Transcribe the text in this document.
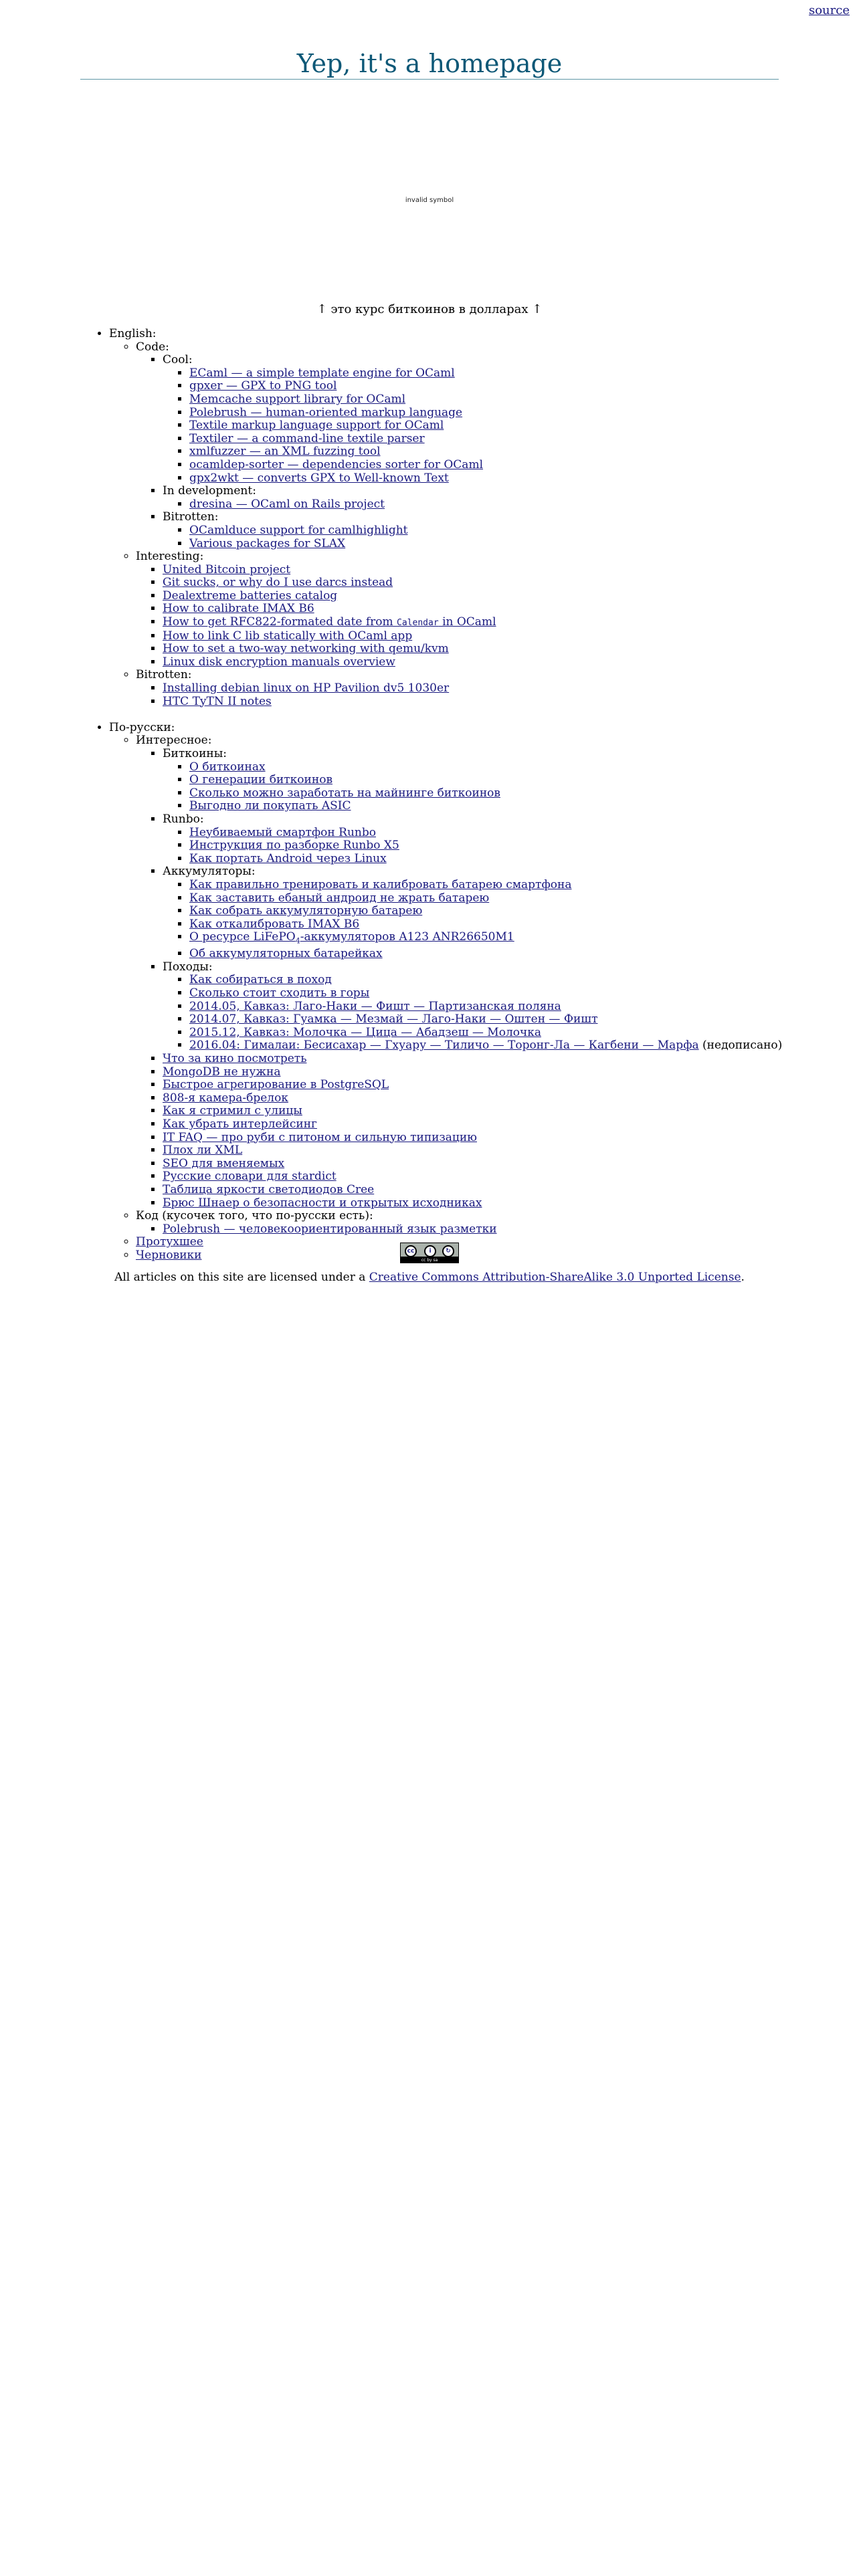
source
Yep, it's a homepage
invalid symbol
↑ это курс биткоинов в долларах ↑
• English:
◦ Code:
▪ Cool:
▪ ECaml — a simple template engine for OCaml
▪ gpxer — GPX to PNG tool
▪ Memcache support library for OCaml
▪ Polebrush — human-oriented markup language
▪ Textile markup language support for OCaml
▪ Textiler — a command-line textile parser
▪ xmlfuzzer — an XML fuzzing tool
▪ ocamldep-sorter — dependencies sorter for OCaml
▪ gpx2wkt — converts GPX to Well-known Text
▪ In development:
▪ dresina — OCaml on Rails project
▪ Bitrotten:
▪ OCamlduce support for camlhighlight
▪ Various packages for SLAX
◦ Interesting:
▪ United Bitcoin project
▪ Git sucks, or why do I use darcs instead
▪ Dealextreme batteries catalog
▪ How to calibrate IMAX B6
▪ How to get RFC822-formated date from Calendar in OCaml
▪ How to link C lib statically with OCaml app
▪ How to set a two-way networking with qemu/kvm
▪ Linux disk encryption manuals overview
◦ Bitrotten:
▪ Installing debian linux on HP Pavilion dv5 1030er
▪ HTC TyTN II notes
• По-русски:
◦ Интересное:
▪ Биткоины:
▪ О биткоинах
▪ О генерации биткоинов
▪ Сколько можно заработать на майнинге биткоинов
▪ Выгодно ли покупать ASIC
▪ Runbo:
▪ Неубиваемый смартфон Runbo
▪ Инструкция по разборке Runbo X5
▪ Как портать Android через Linux
▪ Аккумуляторы:
▪ Как правильно тренировать и калибровать батарею смартфона
▪ Как заставить ебаный андроид не жрать батарею
▪ Как собрать аккумуляторную батарею
▪ Как откалибровать IMAX B6
▪ О ресурсе LiFePO$_4$-аккумуляторов A123 ANR26650M1
▪ Об аккумуляторных батарейках
▪ Походы:
▪ Как собираться в поход
▪ Сколько стоит сходить в горы
▪ 2014.05, Кавказ: Лаго-Наки — Фишт — Партизанская поляна
▪ 2014.07, Кавказ: Гуамка — Мезмай — Лаго-Наки — Оштен — Фишт
▪ 2015.12, Кавказ: Молочка — Цица — Абадзеш — Молочка
▪ 2016.04: Гималаи: Бесисахар — Гхуару — Тиличо — Торонг-Ла — Кагбени — Марфа (недописано)
▪ Что за кино посмотреть
▪ MongoDB не нужна
▪ Быстрое агрегирование в PostgreSQL
▪ 808-я камера-брелок
▪ Как я стримил с улицы
▪ Как убрать интерлейсинг
▪ IT FAQ — про руби с питоном и сильную типизацию
▪ Плох ли XML
▪ SEO для вменяемых
▪ Русские словари для stardict
▪ Таблица яркости светодиодов Cree
▪ Брюс Шнаер о безопасности и открытых исходниках
◦ Код (кусочек того, что по-русски есть):
▪ Polebrush — человекоориентированный язык разметки
◦ Протухшее
◦ Черновики	cc	i	↻
cc by sa
All articles on this site are licensed under a Creative Commons Attribution-ShareAlike 3.0 Unported License.
